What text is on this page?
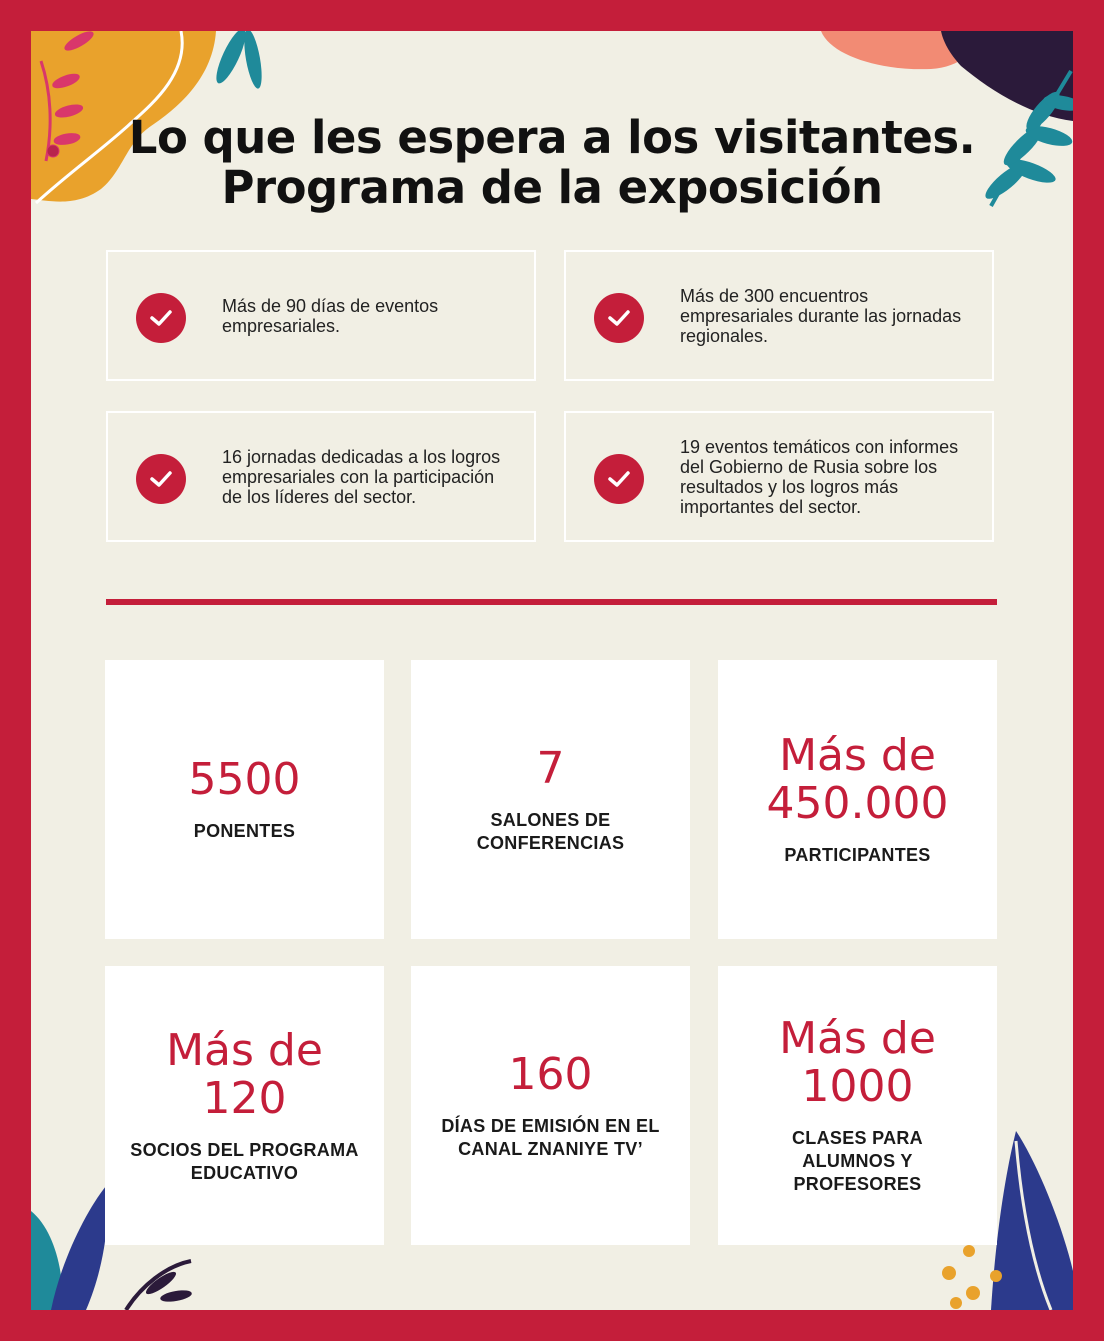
Lo que les espera a los visitantes.
Programa de la exposición
Más de 90 días de eventos empresariales.
Más de 300 encuentros empresariales durante las jornadas regionales.
16 jornadas dedicadas a los logros empresariales con la participación de los líderes del sector.
19 eventos temáticos con informes del Gobierno de Rusia sobre los resultados y los logros más importantes del sector.
5500
PONENTES
7
SALONES DE
CONFERENCIAS
Más de
450.000
PARTICIPANTES
Más de
120
SOCIOS DEL PROGRAMA
EDUCATIVO
160
DÍAS DE EMISIÓN EN EL
CANAL ZNANIYE TV’
Más de
1000
CLASES PARA
ALUMNOS Y
PROFESORES
